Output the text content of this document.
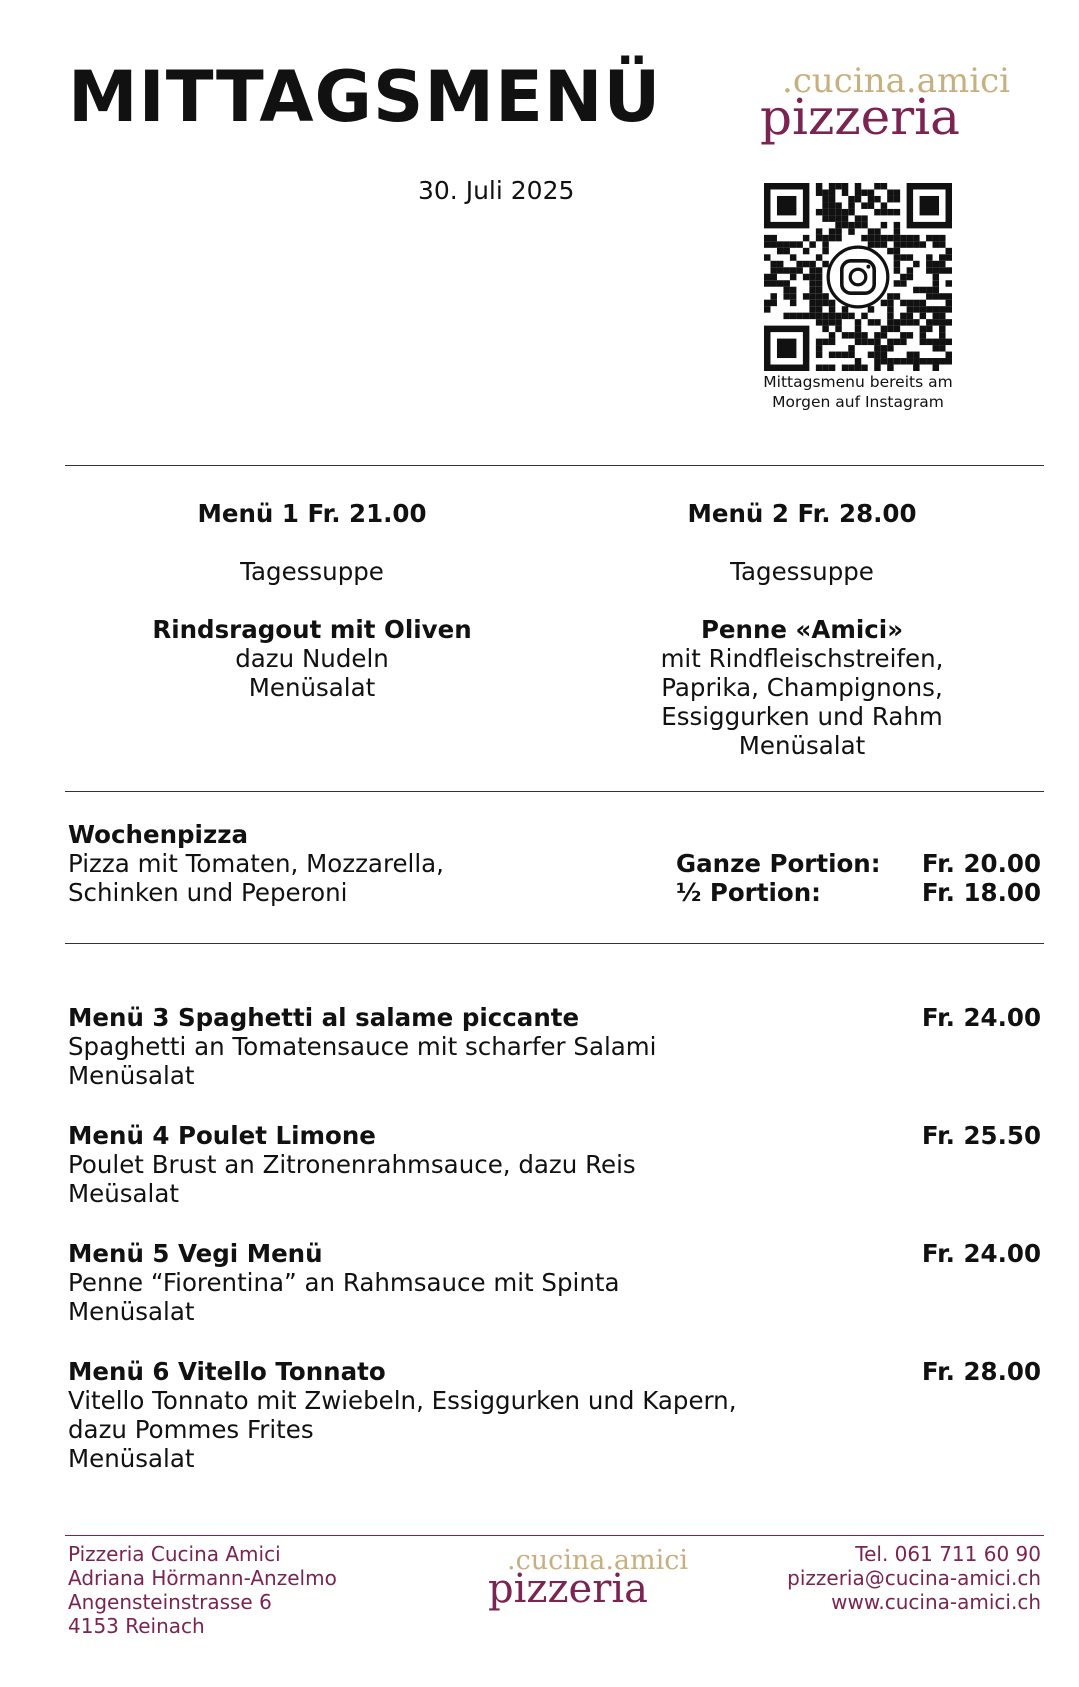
MITTAGSMENÜ
30. Juli 2025
.cucina.amici
pizzeria
Mittagsmenu bereits am
Morgen auf Instagram
Menü 1 Fr. 21.00
Tagessuppe
Rindsragout mit Oliven
dazu Nudeln
Menüsalat
Menü 2 Fr. 28.00
Tagessuppe
Penne «Amici»
mit Rindfleischstreifen,
Paprika, Champignons,
Essiggurken und Rahm
Menüsalat
Wochenpizza
Pizza mit Tomaten, Mozzarella,
Schinken und Peperoni
Ganze Portion: Fr. 20.00
½ Portion:	Fr. 18.00
Menü 3 Spaghetti al salame piccante
Spaghetti an Tomatensauce mit scharfer Salami
Menüsalat
Fr. 24.00
Menü 4 Poulet Limone
Poulet Brust an Zitronenrahmsauce, dazu Reis
Meüsalat
Fr. 25.50
Menü 5 Vegi Menü
Penne “Fiorentina” an Rahmsauce mit Spinta
Menüsalat
Fr. 24.00
Menü 6 Vitello Tonnato
Vitello Tonnato mit Zwiebeln, Essiggurken und Kapern,
dazu Pommes Frites
Menüsalat
Fr. 28.00
Pizzeria Cucina Amici
Adriana Hörmann-Anzelmo
Angensteinstrasse 6
4153 Reinach
.cucina.amici
pizzeria
Tel. 061 711 60 90
pizzeria@cucina-amici.ch
www.cucina-amici.ch
